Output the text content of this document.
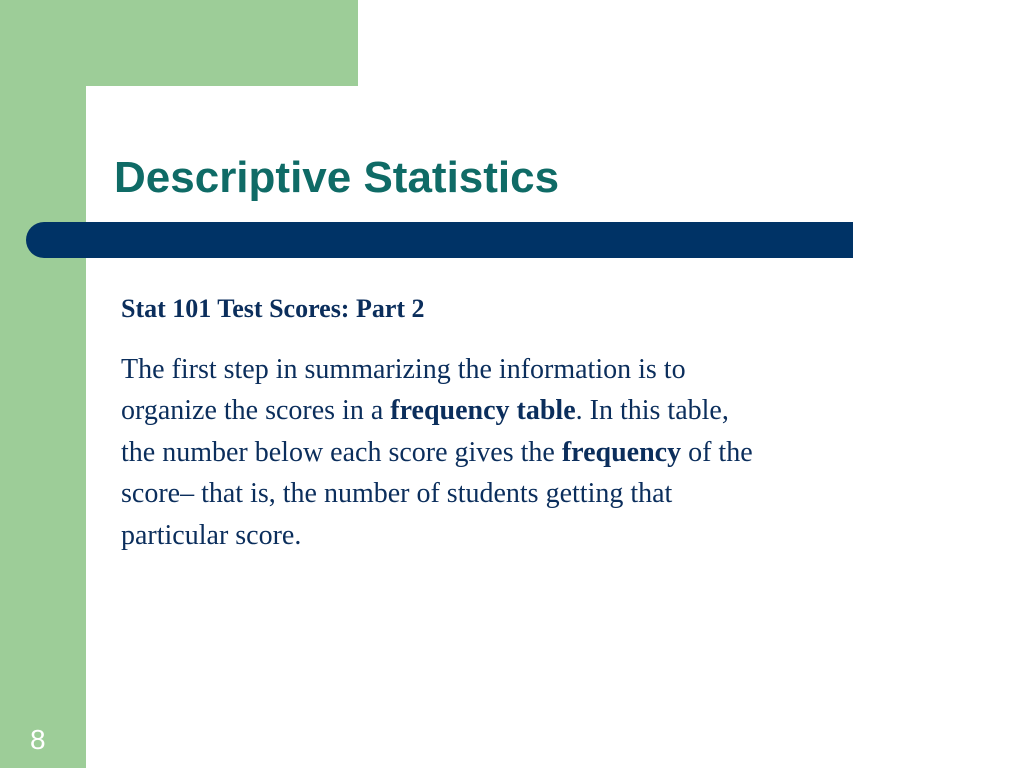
Descriptive Statistics

Stat 101 Test Scores: Part 2

The first step in summarizing the information is to
organize the scores in a frequency table. In this table,
the number below each score gives the frequency of the
score– that is, the number of students getting that
particular score.

8
